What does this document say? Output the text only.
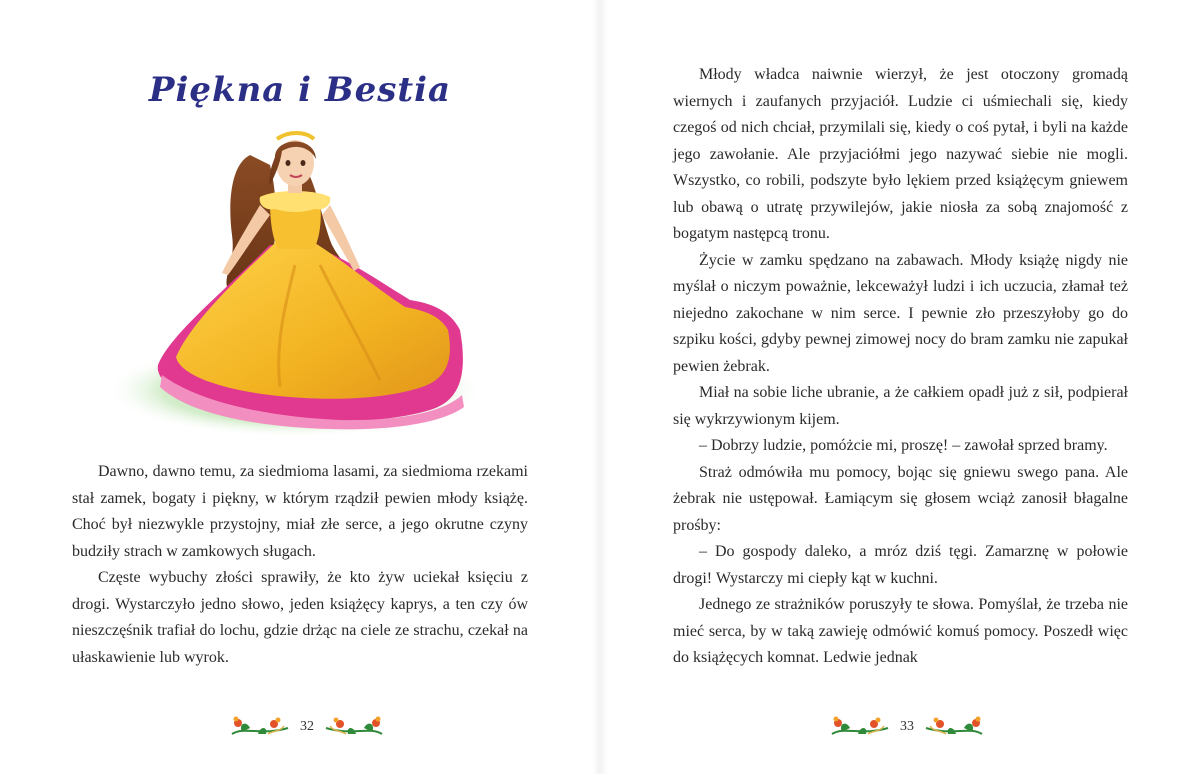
Piękna i Bestia

Dawno, dawno temu, za siedmioma lasami, za siedmioma rzekami stał zamek, bogaty i piękny, w którym rządził pewien młody książę. Choć był niezwykle przystojny, miał złe serce, a jego okrutne czyny budziły strach w zamkowych sługach.

Częste wybuchy złości sprawiły, że kto żyw uciekał księciu z drogi. Wystarczyło jedno słowo, jeden książęcy kaprys, a ten czy ów nieszczęśnik trafiał do lochu, gdzie drżąc na ciele ze strachu, czekał na ułaskawienie lub wyrok.

32

Młody władca naiwnie wierzył, że jest otoczony gromadą wiernych i zaufanych przyjaciół. Ludzie ci uśmiechali się, kiedy czegoś od nich chciał, przymilali się, kiedy o coś pytał, i byli na każde jego zawołanie. Ale przyjaciółmi jego nazywać siebie nie mogli. Wszystko, co robili, podszyte było lękiem przed książęcym gniewem lub obawą o utratę przywilejów, jakie niosła za sobą znajomość z bogatym następcą tronu.

Życie w zamku spędzano na zabawach. Młody książę nigdy nie myślał o niczym poważnie, lekceważył ludzi i ich uczucia, złamał też niejedno zakochane w nim serce. I pewnie zło przeszyłoby go do szpiku kości, gdyby pewnej zimowej nocy do bram zamku nie zapukał pewien żebrak.

Miał na sobie liche ubranie, a że całkiem opadł już z sił, podpierał się wykrzywionym kijem.

– Dobrzy ludzie, pomóżcie mi, proszę! – zawołał sprzed bramy.

Straż odmówiła mu pomocy, bojąc się gniewu swego pana. Ale żebrak nie ustępował. Łamiącym się głosem wciąż zanosił błagalne prośby:

– Do gospody daleko, a mróz dziś tęgi. Zamarznę w połowie drogi! Wystarczy mi ciepły kąt w kuchni.

Jednego ze strażników poruszyły te słowa. Pomyślał, że trzeba nie mieć serca, by w taką zawieję odmówić komuś pomocy. Poszedł więc do książęcych komnat. Ledwie jednak

33
